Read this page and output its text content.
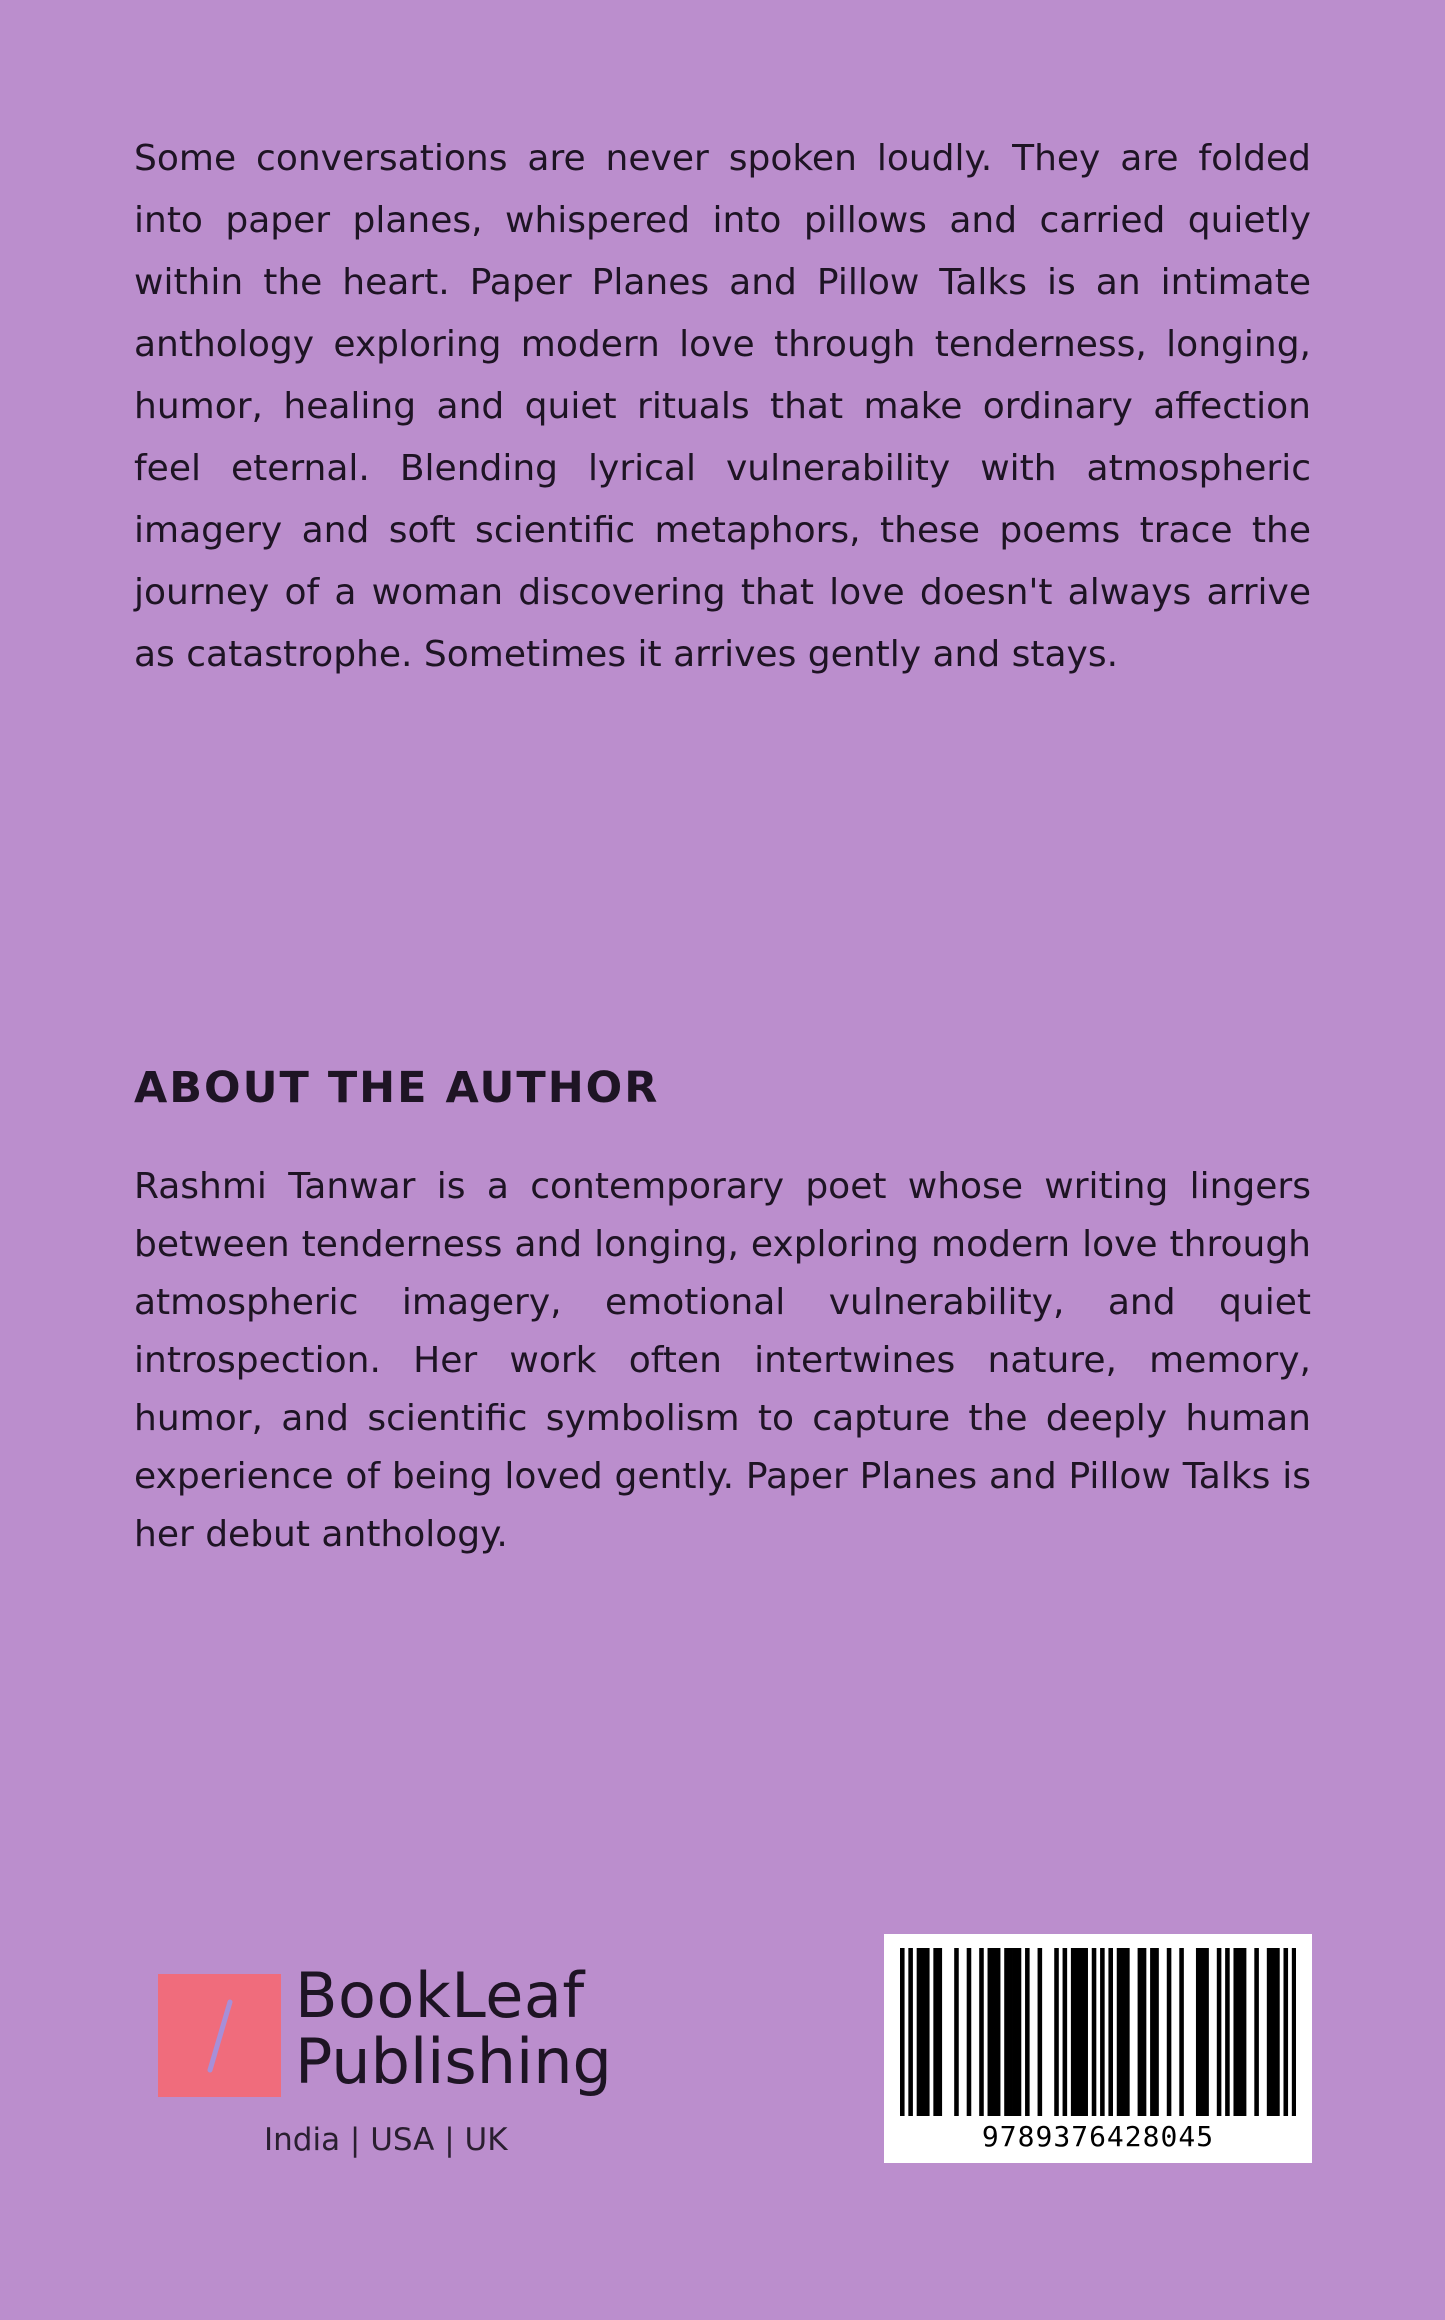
Some conversations are never spoken loudly. They are folded into paper planes, whispered into pillows and carried quietly within the heart. Paper Planes and Pillow Talks is an intimate anthology exploring modern love through tenderness, longing, humor, healing and quiet rituals that make ordinary affection feel eternal. Blending lyrical vulnerability with atmospheric imagery and soft scientific metaphors, these poems trace the journey of a woman discovering that love doesn't always arrive as catastrophe. Sometimes it arrives gently and stays.

ABOUT THE AUTHOR

Rashmi Tanwar is a contemporary poet whose writing lingers between tenderness and longing, exploring modern love through atmospheric imagery, emotional vulnerability, and quiet introspection. Her work often intertwines nature, memory, humor, and scientific symbolism to capture the deeply human experience of being loved gently. Paper Planes and Pillow Talks is her debut anthology.

BookLeaf
Publishing
India | USA | UK	9789376428045
